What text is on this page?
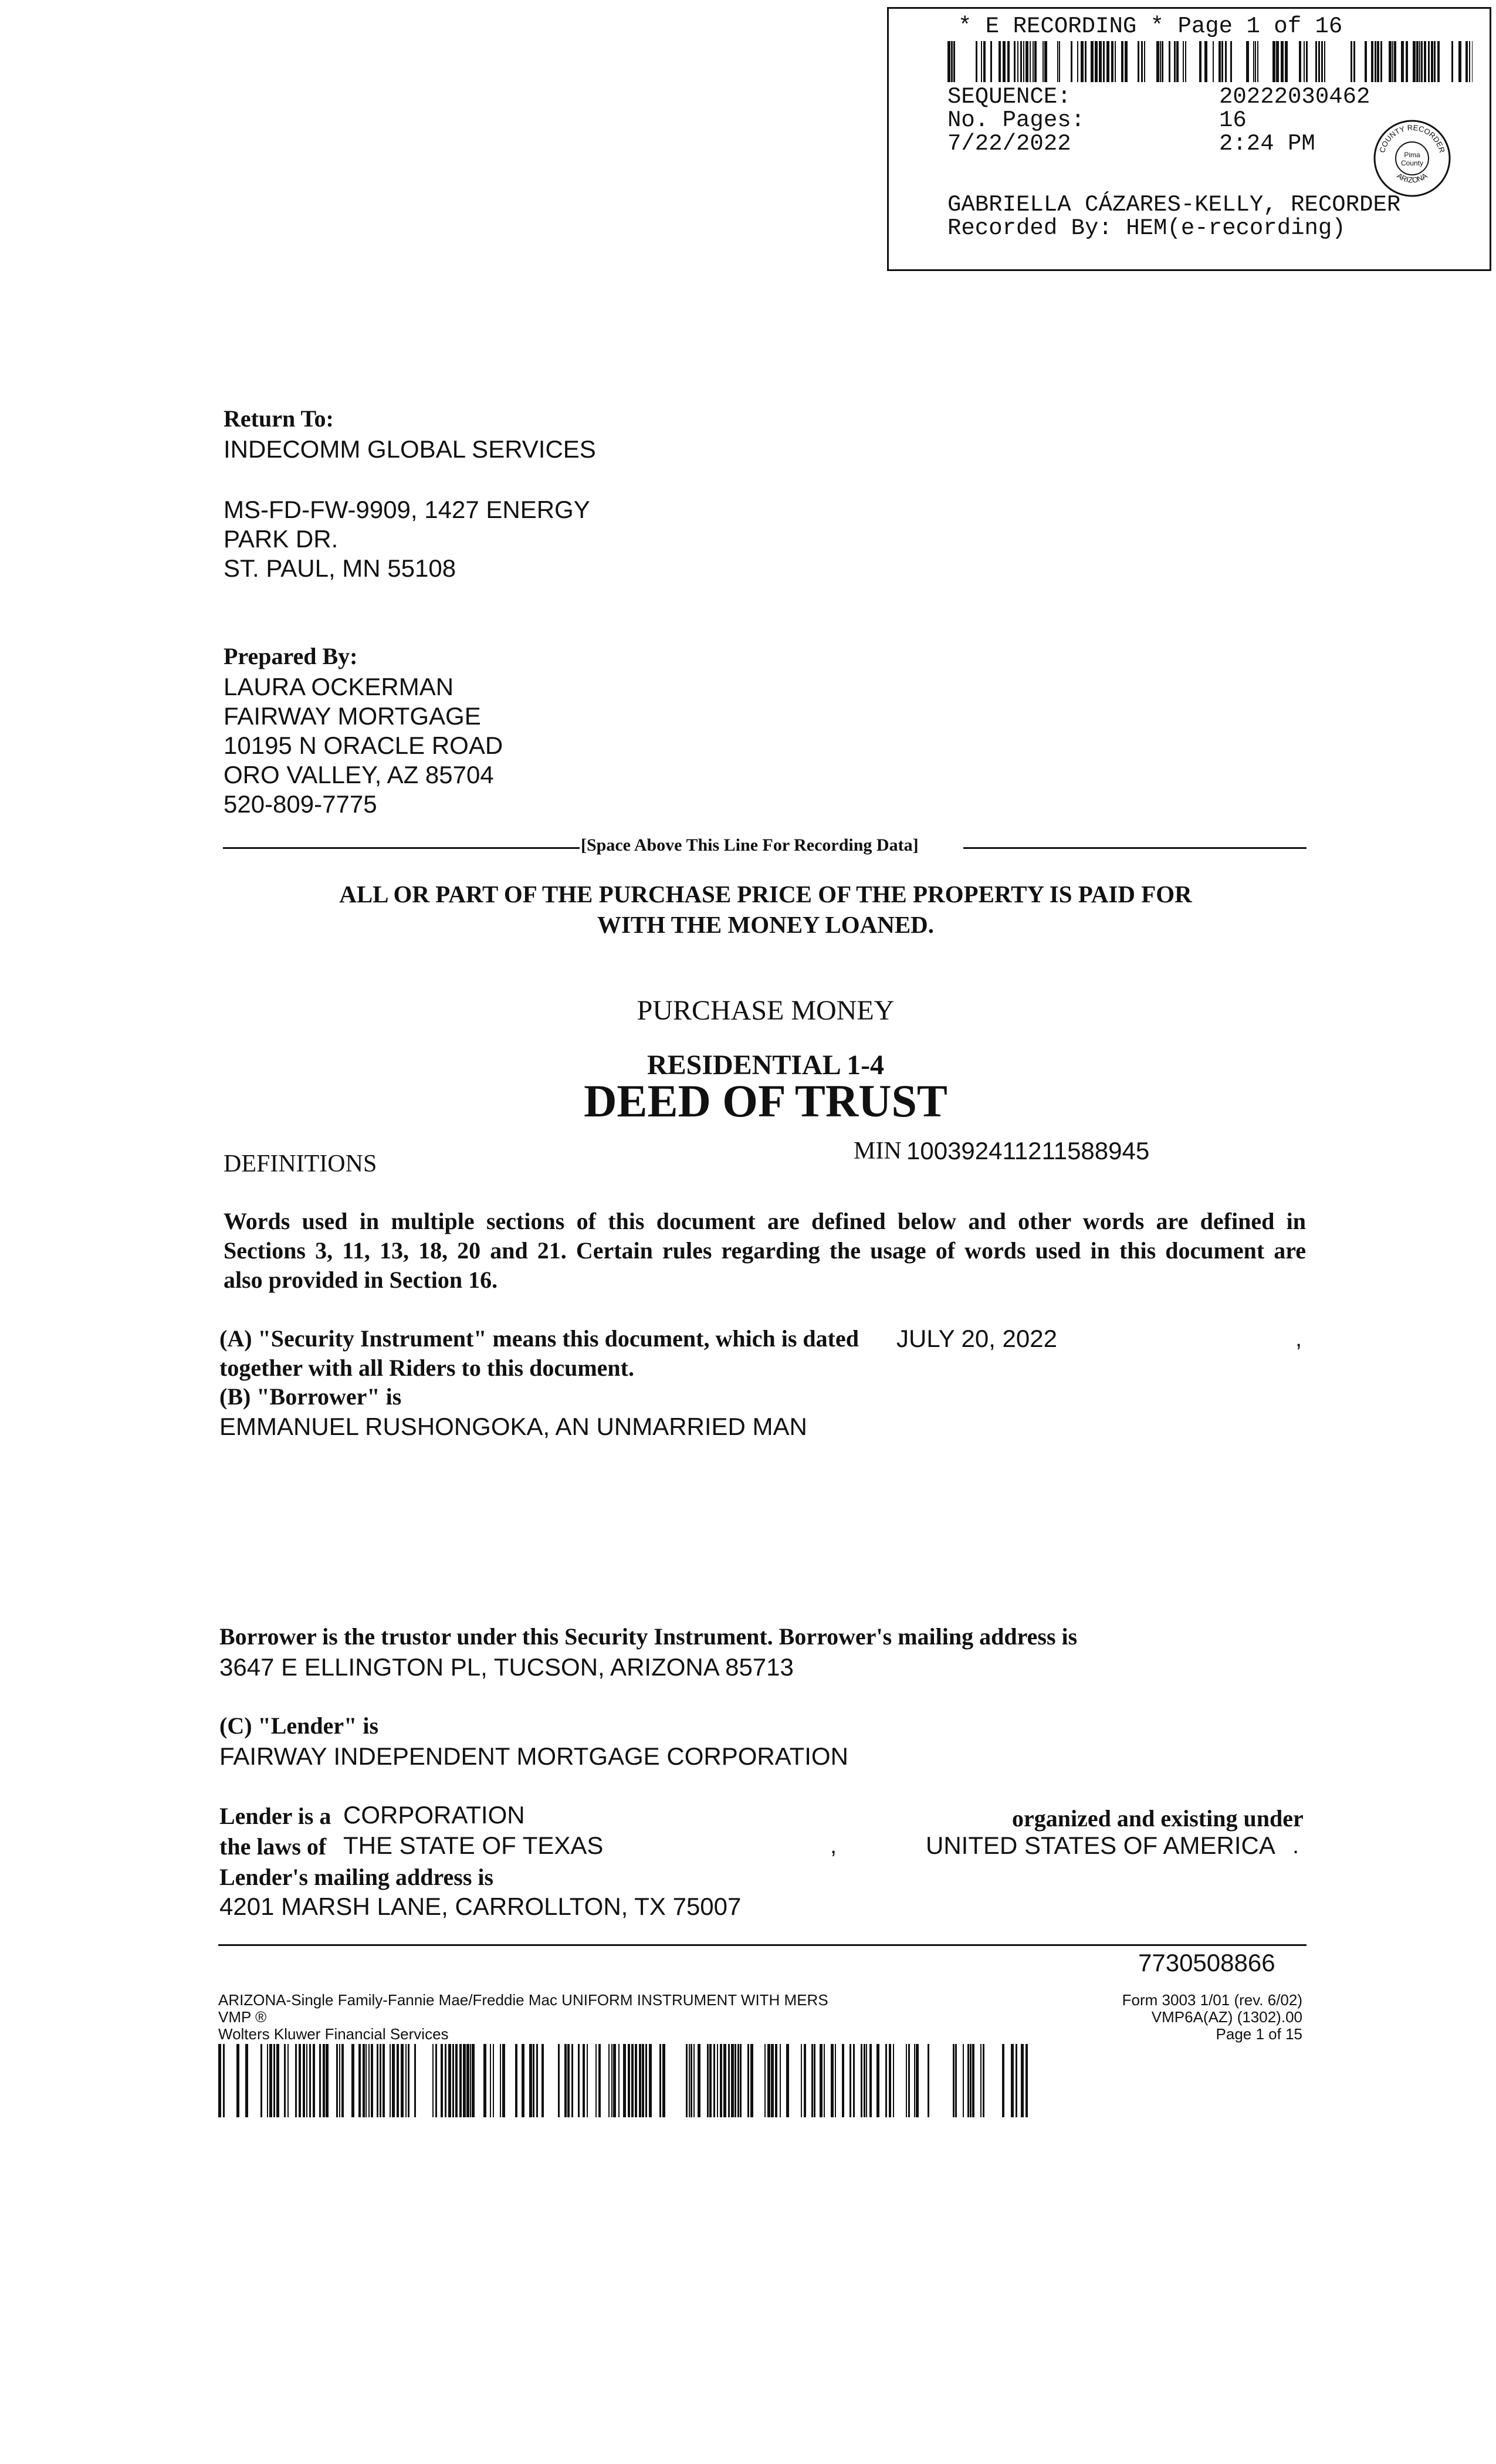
* E RECORDING * Page 1 of 16
SEQUENCE:	20222030462
No. Pages:	16
7/22/2022	2:24 PM	COUNTY RECORDER
ARIZONA
Pima
County
GABRIELLA CÁZARES-KELLY, RECORDER
Recorded By: HEM(e-recording)
Return To:
INDECOMM GLOBAL SERVICES
MS-FD-FW-9909, 1427 ENERGY
PARK DR.
ST. PAUL, MN 55108
Prepared By:
LAURA OCKERMAN
FAIRWAY MORTGAGE
10195 N ORACLE ROAD
ORO VALLEY, AZ 85704
520-809-7775
[Space Above This Line For Recording Data]
ALL OR PART OF THE PURCHASE PRICE OF THE PROPERTY IS PAID FOR
WITH THE MONEY LOANED.
PURCHASE MONEY
RESIDENTIAL 1-4
DEED OF TRUST
DEFINITIONS	MIN 100392411211588945
Words used in multiple sections of this document are defined below and other words are defined in
Sections 3, 11, 13, 18, 20 and 21. Certain rules regarding the usage of words used in this document are
also provided in Section 16.
(A) "Security Instrument" means this document, which is dated JULY 20, 2022	,
together with all Riders to this document.
(B) "Borrower" is
EMMANUEL RUSHONGOKA, AN UNMARRIED MAN
Borrower is the trustor under this Security Instrument. Borrower's mailing address is
3647 E ELLINGTON PL, TUCSON, ARIZONA 85713
(C) "Lender" is
FAIRWAY INDEPENDENT MORTGAGE CORPORATION
Lender is a CORPORATION	organized and existing under
the laws of THE STATE OF TEXAS	,	UNITED STATES OF AMERICA .
Lender's mailing address is
4201 MARSH LANE, CARROLLTON, TX 75007
7730508866
ARIZONA-Single Family-Fannie Mae/Freddie Mac UNIFORM INSTRUMENT WITH MERS
VMP ®
Wolters Kluwer Financial Services
Form 3003 1/01 (rev. 6/02)
VMP6A(AZ) (1302).00
Page 1 of 15
